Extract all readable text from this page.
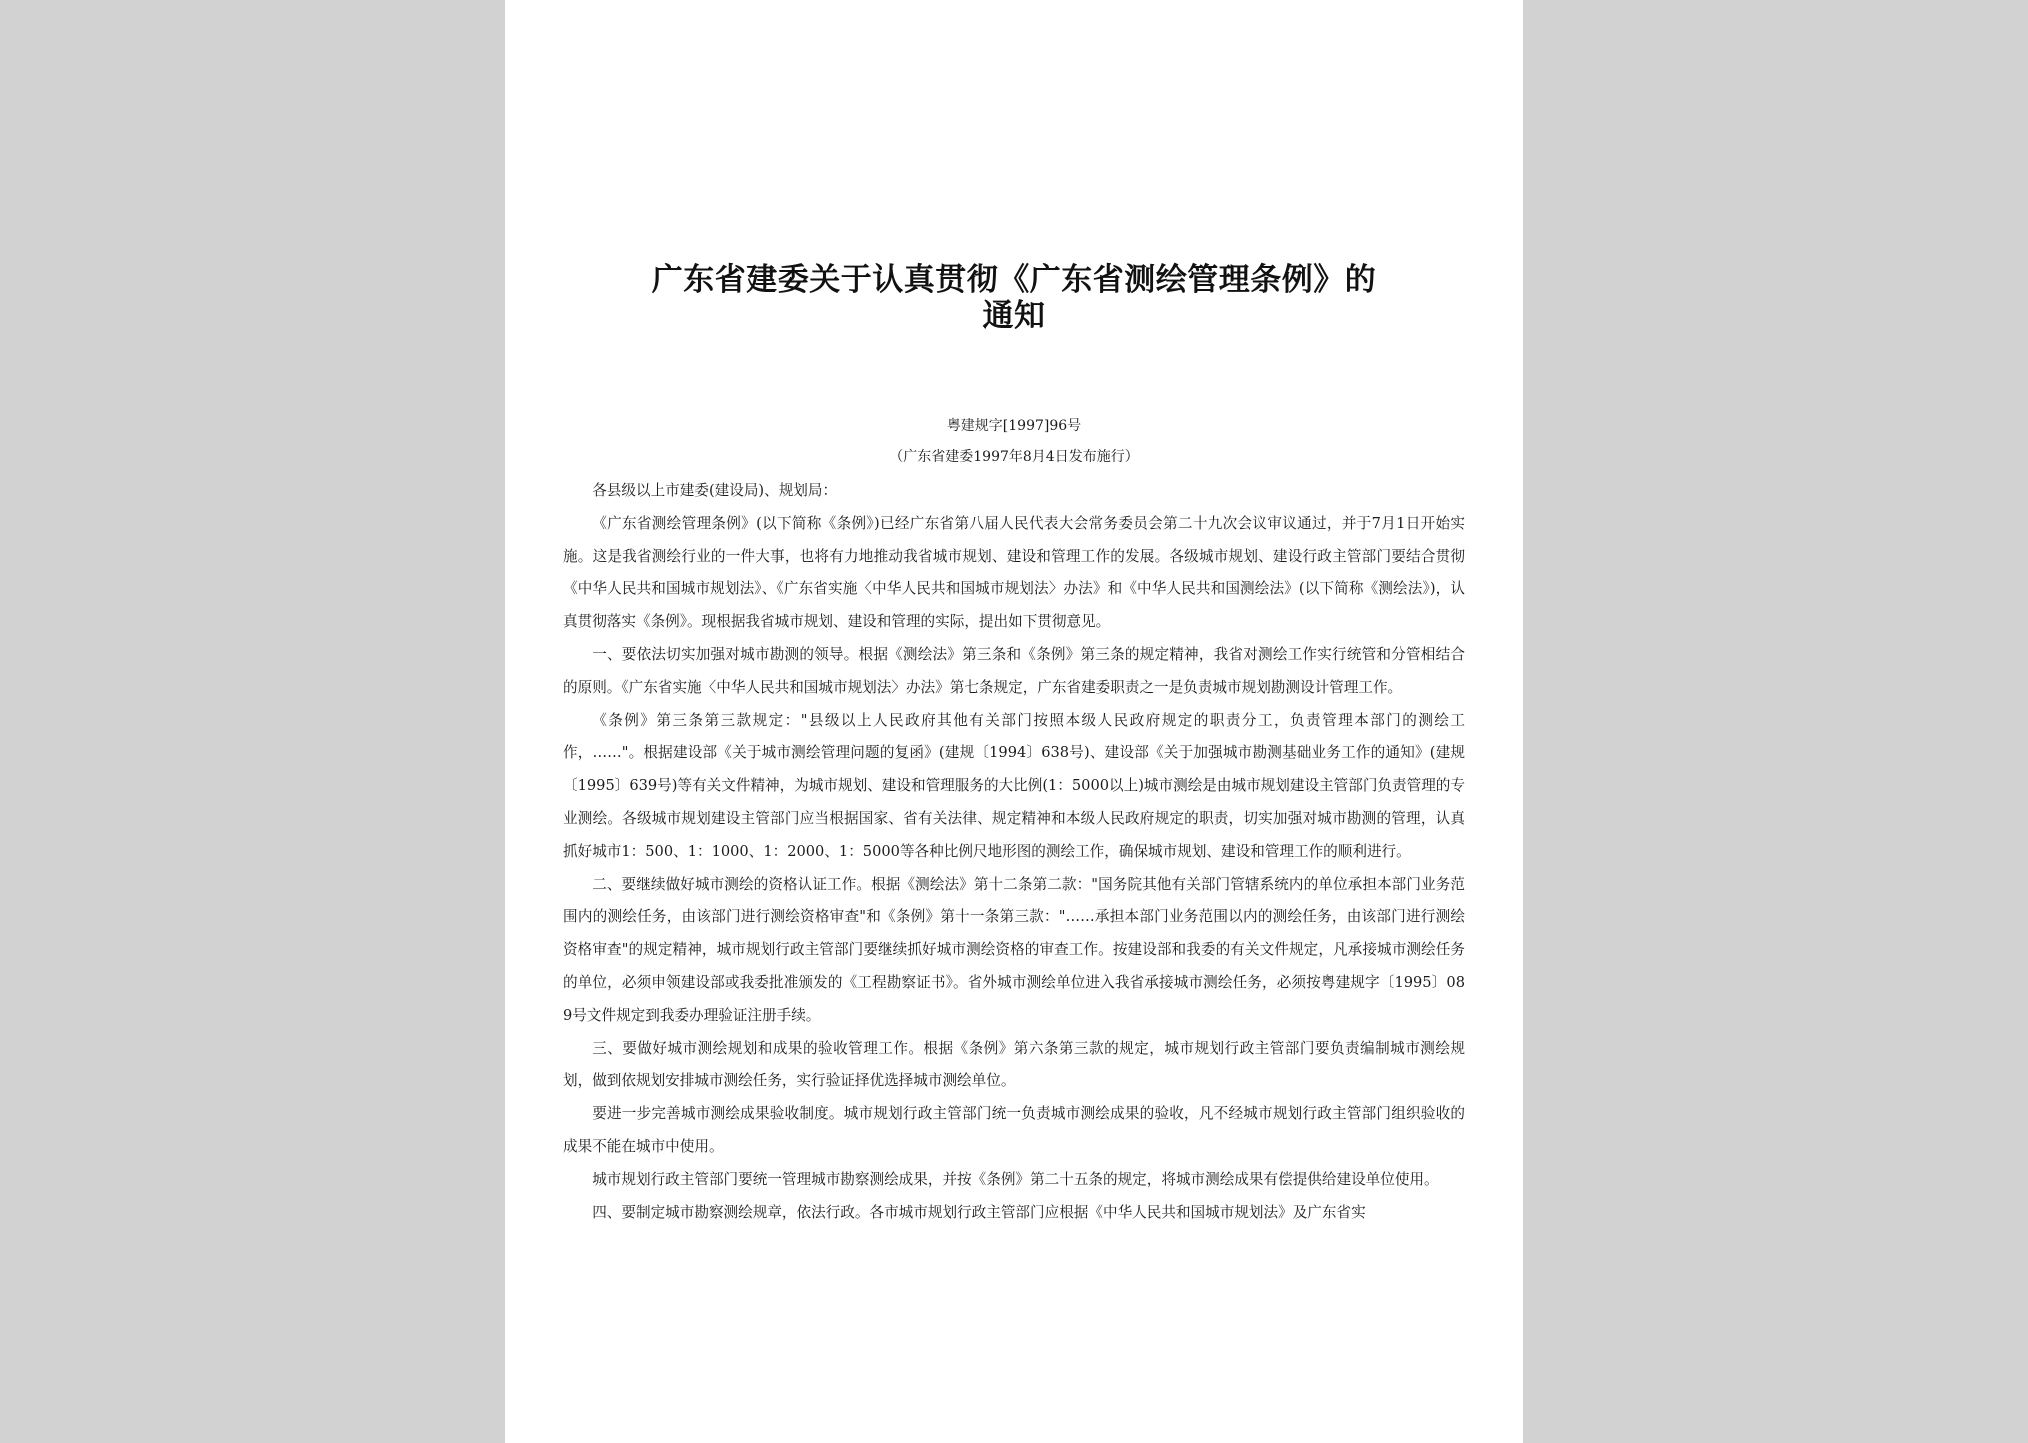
广东省建委关于认真贯彻《广东省测绘管理条例》的
通知
粤建规字[1997]96号
（广东省建委1997年8月4日发布施行）

各县级以上市建委(建设局)、规划局：

《广东省测绘管理条例》(以下简称《条例》)已经广东省第八届人民代表大会常务委员会第二十九次会议审议通过，并于7月1日开始实施。这是我省测绘行业的一件大事，也将有力地推动我省城市规划、建设和管理工作的发展。各级城市规划、建设行政主管部门要结合贯彻《中华人民共和国城市规划法》、《广东省实施〈中华人民共和国城市规划法〉办法》和《中华人民共和国测绘法》(以下简称《测绘法》)，认真贯彻落实《条例》。现根据我省城市规划、建设和管理的实际，提出如下贯彻意见。

一、要依法切实加强对城市勘测的领导。根据《测绘法》第三条和《条例》第三条的规定精神，我省对测绘工作实行统管和分管相结合的原则。《广东省实施〈中华人民共和国城市规划法〉办法》第七条规定，广东省建委职责之一是负责城市规划勘测设计管理工作。

《条例》第三条第三款规定："县级以上人民政府其他有关部门按照本级人民政府规定的职责分工，负责管理本部门的测绘工作，……"。根据建设部《关于城市测绘管理问题的复函》(建规〔1994〕638号)、建设部《关于加强城市勘测基础业务工作的通知》(建规〔1995〕639号)等有关文件精神，为城市规划、建设和管理服务的大比例(1：5000以上)城市测绘是由城市规划建设主管部门负责管理的专业测绘。各级城市规划建设主管部门应当根据国家、省有关法律、规定精神和本级人民政府规定的职责，切实加强对城市勘测的管理，认真抓好城市1：500、1：1000、1：2000、1：5000等各种比例尺地形图的测绘工作，确保城市规划、建设和管理工作的顺利进行。

二、要继续做好城市测绘的资格认证工作。根据《测绘法》第十二条第二款："国务院其他有关部门管辖系统内的单位承担本部门业务范围内的测绘任务，由该部门进行测绘资格审查"和《条例》第十一条第三款："……承担本部门业务范围以内的测绘任务，由该部门进行测绘资格审查"的规定精神，城市规划行政主管部门要继续抓好城市测绘资格的审查工作。按建设部和我委的有关文件规定，凡承接城市测绘任务的单位，必须申领建设部或我委批准颁发的《工程勘察证书》。省外城市测绘单位进入我省承接城市测绘任务，必须按粤建规字〔1995〕089号文件规定到我委办理验证注册手续。

三、要做好城市测绘规划和成果的验收管理工作。根据《条例》第六条第三款的规定，城市规划行政主管部门要负责编制城市测绘规划，做到依规划安排城市测绘任务，实行验证择优选择城市测绘单位。

要进一步完善城市测绘成果验收制度。城市规划行政主管部门统一负责城市测绘成果的验收，凡不经城市规划行政主管部门组织验收的成果不能在城市中使用。

城市规划行政主管部门要统一管理城市勘察测绘成果，并按《条例》第二十五条的规定，将城市测绘成果有偿提供给建设单位使用。

四、要制定城市勘察测绘规章，依法行政。各市城市规划行政主管部门应根据《中华人民共和国城市规划法》及广东省实
